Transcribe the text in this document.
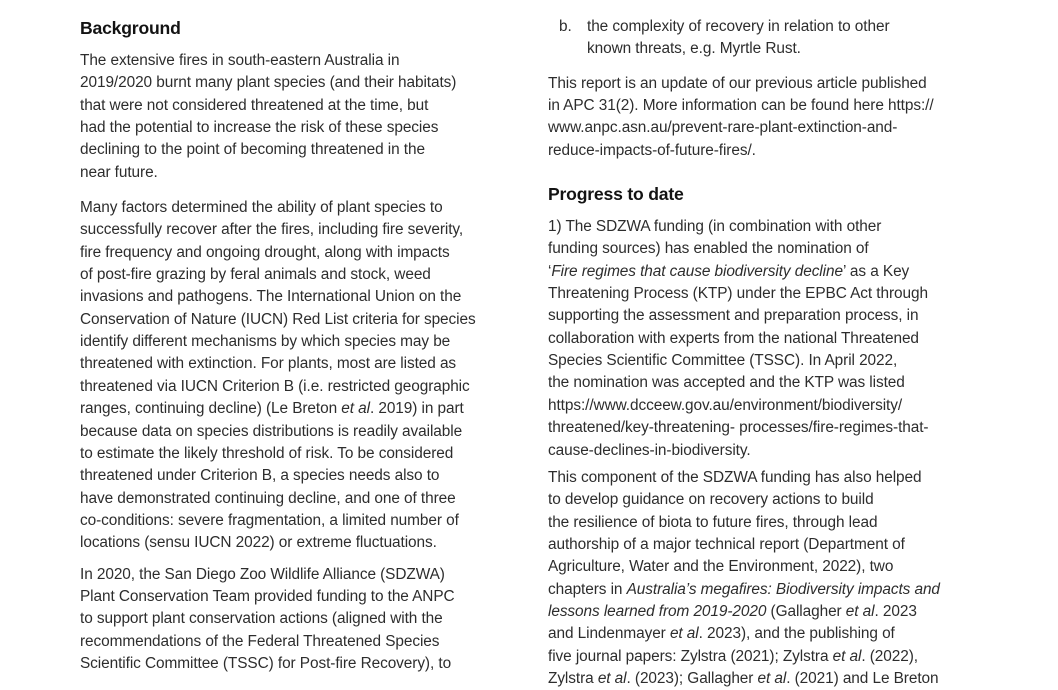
Background

The extensive fires in south-eastern Australia in
2019/2020 burnt many plant species (and their habitats)
that were not considered threatened at the time, but
had the potential to increase the risk of these species
declining to the point of becoming threatened in the
near future.

Many factors determined the ability of plant species to
successfully recover after the fires, including fire severity,
fire frequency and ongoing drought, along with impacts
of post-fire grazing by feral animals and stock, weed
invasions and pathogens. The International Union on the
Conservation of Nature (IUCN) Red List criteria for species
identify different mechanisms by which species may be
threatened with extinction. For plants, most are listed as
threatened via IUCN Criterion B (i.e. restricted geographic
ranges, continuing decline) (Le Breton et al. 2019) in part
because data on species distributions is readily available
to estimate the likely threshold of risk. To be considered
threatened under Criterion B, a species needs also to
have demonstrated continuing decline, and one of three
co-conditions: severe fragmentation, a limited number of
locations (sensu IUCN 2022) or extreme fluctuations.

In 2020, the San Diego Zoo Wildlife Alliance (SDZWA)
Plant Conservation Team provided funding to the ANPC
to support plant conservation actions (aligned with the
recommendations of the Federal Threatened Species
Scientific Committee (TSSC) for Post-fire Recovery), to

b. the complexity of recovery in relation to other
known threats, e.g. Myrtle Rust.

This report is an update of our previous article published
in APC 31(2). More information can be found here https://
www.anpc.asn.au/prevent-rare-plant-extinction-and-
reduce-impacts-of-future-fires/.

Progress to date

1) The SDZWA funding (in combination with other
funding sources) has enabled the nomination of
‘Fire regimes that cause biodiversity decline’ as a Key
Threatening Process (KTP) under the EPBC Act through
supporting the assessment and preparation process, in
collaboration with experts from the national Threatened
Species Scientific Committee (TSSC). In April 2022,
the nomination was accepted and the KTP was listed
https://www.dcceew.gov.au/environment/biodiversity/
threatened/key-threatening- processes/fire-regimes-that-
cause-declines-in-biodiversity.

This component of the SDZWA funding has also helped
to develop guidance on recovery actions to build
the resilience of biota to future fires, through lead
authorship of a major technical report (Department of
Agriculture, Water and the Environment, 2022), two
chapters in Australia’s megafires: Biodiversity impacts and
lessons learned from 2019-2020 (Gallagher et al. 2023
and Lindenmayer et al. 2023), and the publishing of
five journal papers: Zylstra (2021); Zylstra et al. (2022),
Zylstra et al. (2023); Gallagher et al. (2021) and Le Breton
